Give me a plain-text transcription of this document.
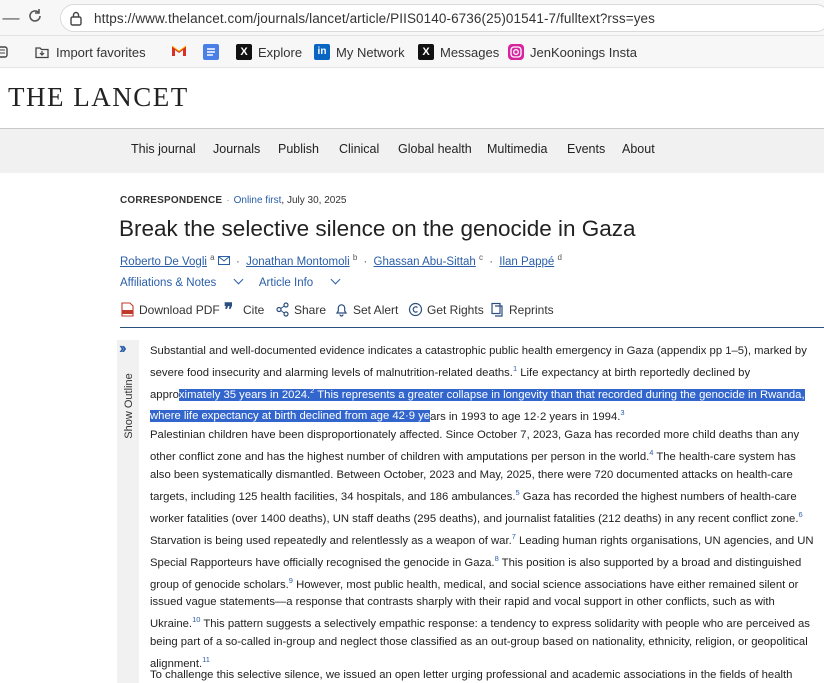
—	https://www.thelancet.com/journals/lancet/article/PIIS0140-6736(25)01541-7/fulltext?rss=yes
Import favorites	X Explore	in My Network	X Messages JenKoonings Insta
THE LANCET
This journal Journals Publish Clinical Global health Multimedia Events About
CORRESPONDENCE · Online first, July 30, 2025
Break the selective silence on the genocide in Gaza
Roberto De Vogli $^a$ · Jonathan Montomoli $^b$ · Ghassan Abu-Sittah $^c$ · Ilan Pappé $^d$
Affiliations & Notes	Article Info
Download PDF ❞ Cite Share Set Alert Get Rights Reprints
››
Show Outline

Substantial and well-documented evidence indicates a catastrophic public health emergency in Gaza (appendix pp 1–5), marked by severe food insecurity and alarming levels of malnutrition-related deaths.$^1$ Life expectancy at birth reportedly declined by approximately 35 years in 2024.$^2$ This represents a greater collapse in longevity than that recorded during the genocide in Rwanda, where life expectancy at birth declined from age 42·9 years in 1993 to age 12·2 years in 1994.$^3$

Palestinian children have been disproportionately affected. Since October 7, 2023, Gaza has recorded more child deaths than any other conflict zone and has the highest number of children with amputations per person in the world.$^4$ The health-care system has also been systematically dismantled. Between October, 2023 and May, 2025, there were 720 documented attacks on health-care targets, including 125 health facilities, 34 hospitals, and 186 ambulances.$^5$ Gaza has recorded the highest numbers of health-care worker fatalities (over 1400 deaths), UN staff deaths (295 deaths), and journalist fatalities (212 deaths) in any recent conflict zone.$^6$

Starvation is being used repeatedly and relentlessly as a weapon of war.$^7$ Leading human rights organisations, UN agencies, and UN Special Rapporteurs have officially recognised the genocide in Gaza.$^8$ This position is also supported by a broad and distinguished group of genocide scholars.$^9$ However, most public health, medical, and social science associations have either remained silent or issued vague statements—a response that contrasts sharply with their rapid and vocal support in other conflicts, such as with Ukraine.$^{10}$ This pattern suggests a selectively empathic response: a tendency to express solidarity with people who are perceived as being part of a so-called in-group and neglect those classified as an out-group based on nationality, ethnicity, religion, or geopolitical alignment.$^{11}$

To challenge this selective silence, we issued an open letter urging professional and academic associations in the fields of health
